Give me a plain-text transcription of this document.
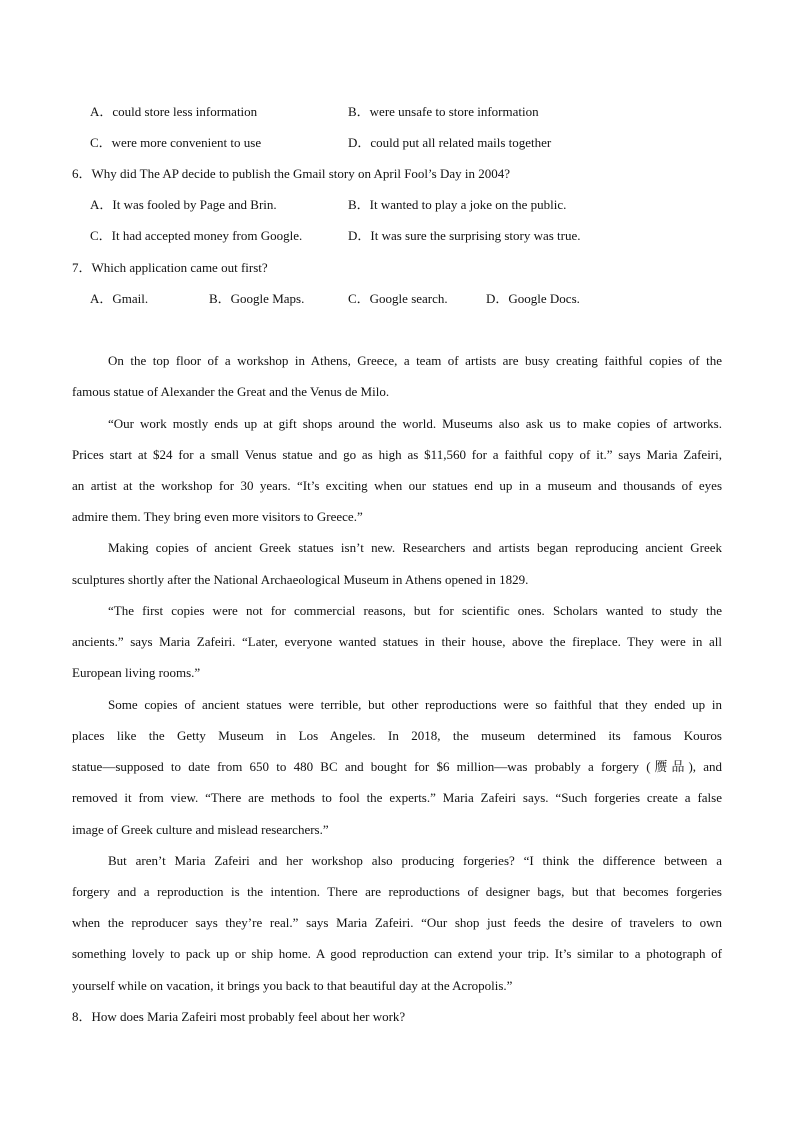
A．could store less information	B．were unsafe to store information
C．were more convenient to use	D．could put all related mails together
6．Why did The AP decide to publish the Gmail story on April Fool’s Day in 2004?
A．It was fooled by Page and Brin.	B．It wanted to play a joke on the public.
C．It had accepted money from Google.	D．It was sure the surprising story was true.
7．Which application came out first?
A．Gmail.	B．Google Maps.	C．Google search.	D．Google Docs.
On the top floor of a workshop in Athens, Greece, a team of artists are busy creating faithful copies of the
famous statue of Alexander the Great and the Venus de Milo.
“Our work mostly ends up at gift shops around the world. Museums also ask us to make copies of artworks.
Prices start at $24 for a small Venus statue and go as high as $11,560 for a faithful copy of it.” says Maria Zafeiri,
an artist at the workshop for 30 years. “It’s exciting when our statues end up in a museum and thousands of eyes
admire them. They bring even more visitors to Greece.”
Making copies of ancient Greek statues isn’t new. Researchers and artists began reproducing ancient Greek
sculptures shortly after the National Archaeological Museum in Athens opened in 1829.
“The first copies were not for commercial reasons, but for scientific ones. Scholars wanted to study the
ancients.” says Maria Zafeiri. “Later, everyone wanted statues in their house, above the fireplace. They were in all
European living rooms.”
Some copies of ancient statues were terrible, but other reproductions were so faithful that they ended up in
places like the Getty Museum in Los Angeles. In 2018, the museum determined its famous Kouros
statue—supposed to date from 650 to 480 BC and bought for $6 million—was probably a forgery (赝品), and
removed it from view. “There are methods to fool the experts.” Maria Zafeiri says. “Such forgeries create a false
image of Greek culture and mislead researchers.”
But aren’t Maria Zafeiri and her workshop also producing forgeries? “I think the difference between a
forgery and a reproduction is the intention. There are reproductions of designer bags, but that becomes forgeries
when the reproducer says they’re real.” says Maria Zafeiri. “Our shop just feeds the desire of travelers to own
something lovely to pack up or ship home. A good reproduction can extend your trip. It’s similar to a photograph of
yourself while on vacation, it brings you back to that beautiful day at the Acropolis.”
8．How does Maria Zafeiri most probably feel about her work?
